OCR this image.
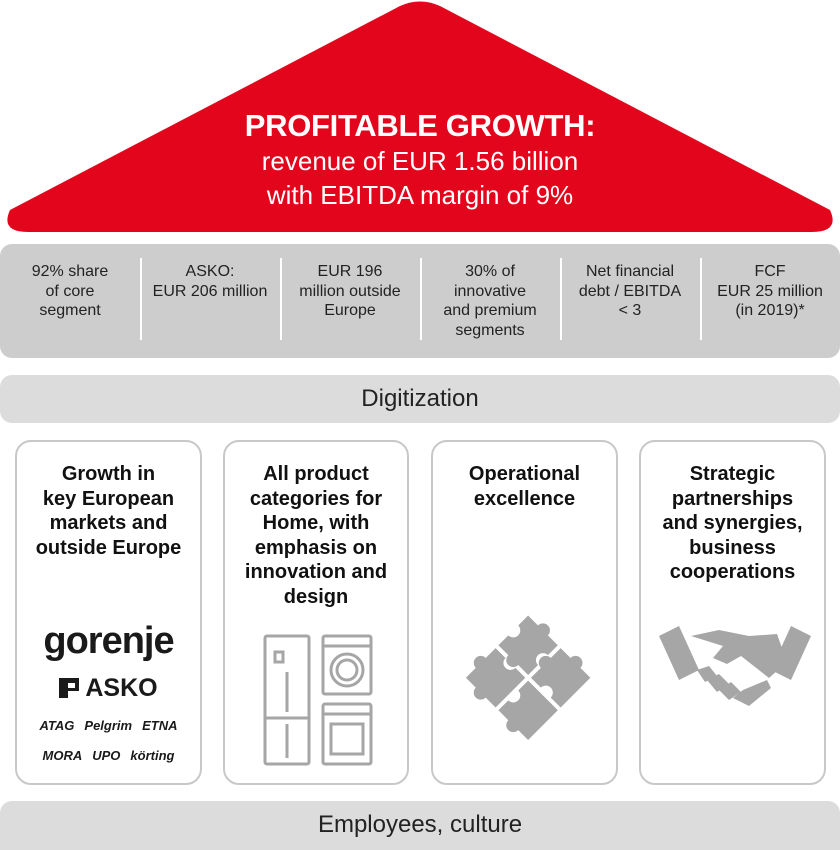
PROFITABLE GROWTH:
revenue of EUR 1.56 billion
with EBITDA margin of 9%
92% share
of core
segment
ASKO:
EUR 206 million
EUR 196
million outside
Europe
30% of
innovative
and premium
segments
Net financial
debt / EBITDA
< 3
FCF
EUR 25 million
(in 2019)*
Digitization
Growth in
key European
markets and
outside Europe
gorenje
ASKO
ATAG Pelgrim ETNA
MORA UPO körting
All product
categories for
Home, with
emphasis on
innovation and
design
Operational
excellence
Strategic
partnerships
and synergies,
business
cooperations
Employees, culture
